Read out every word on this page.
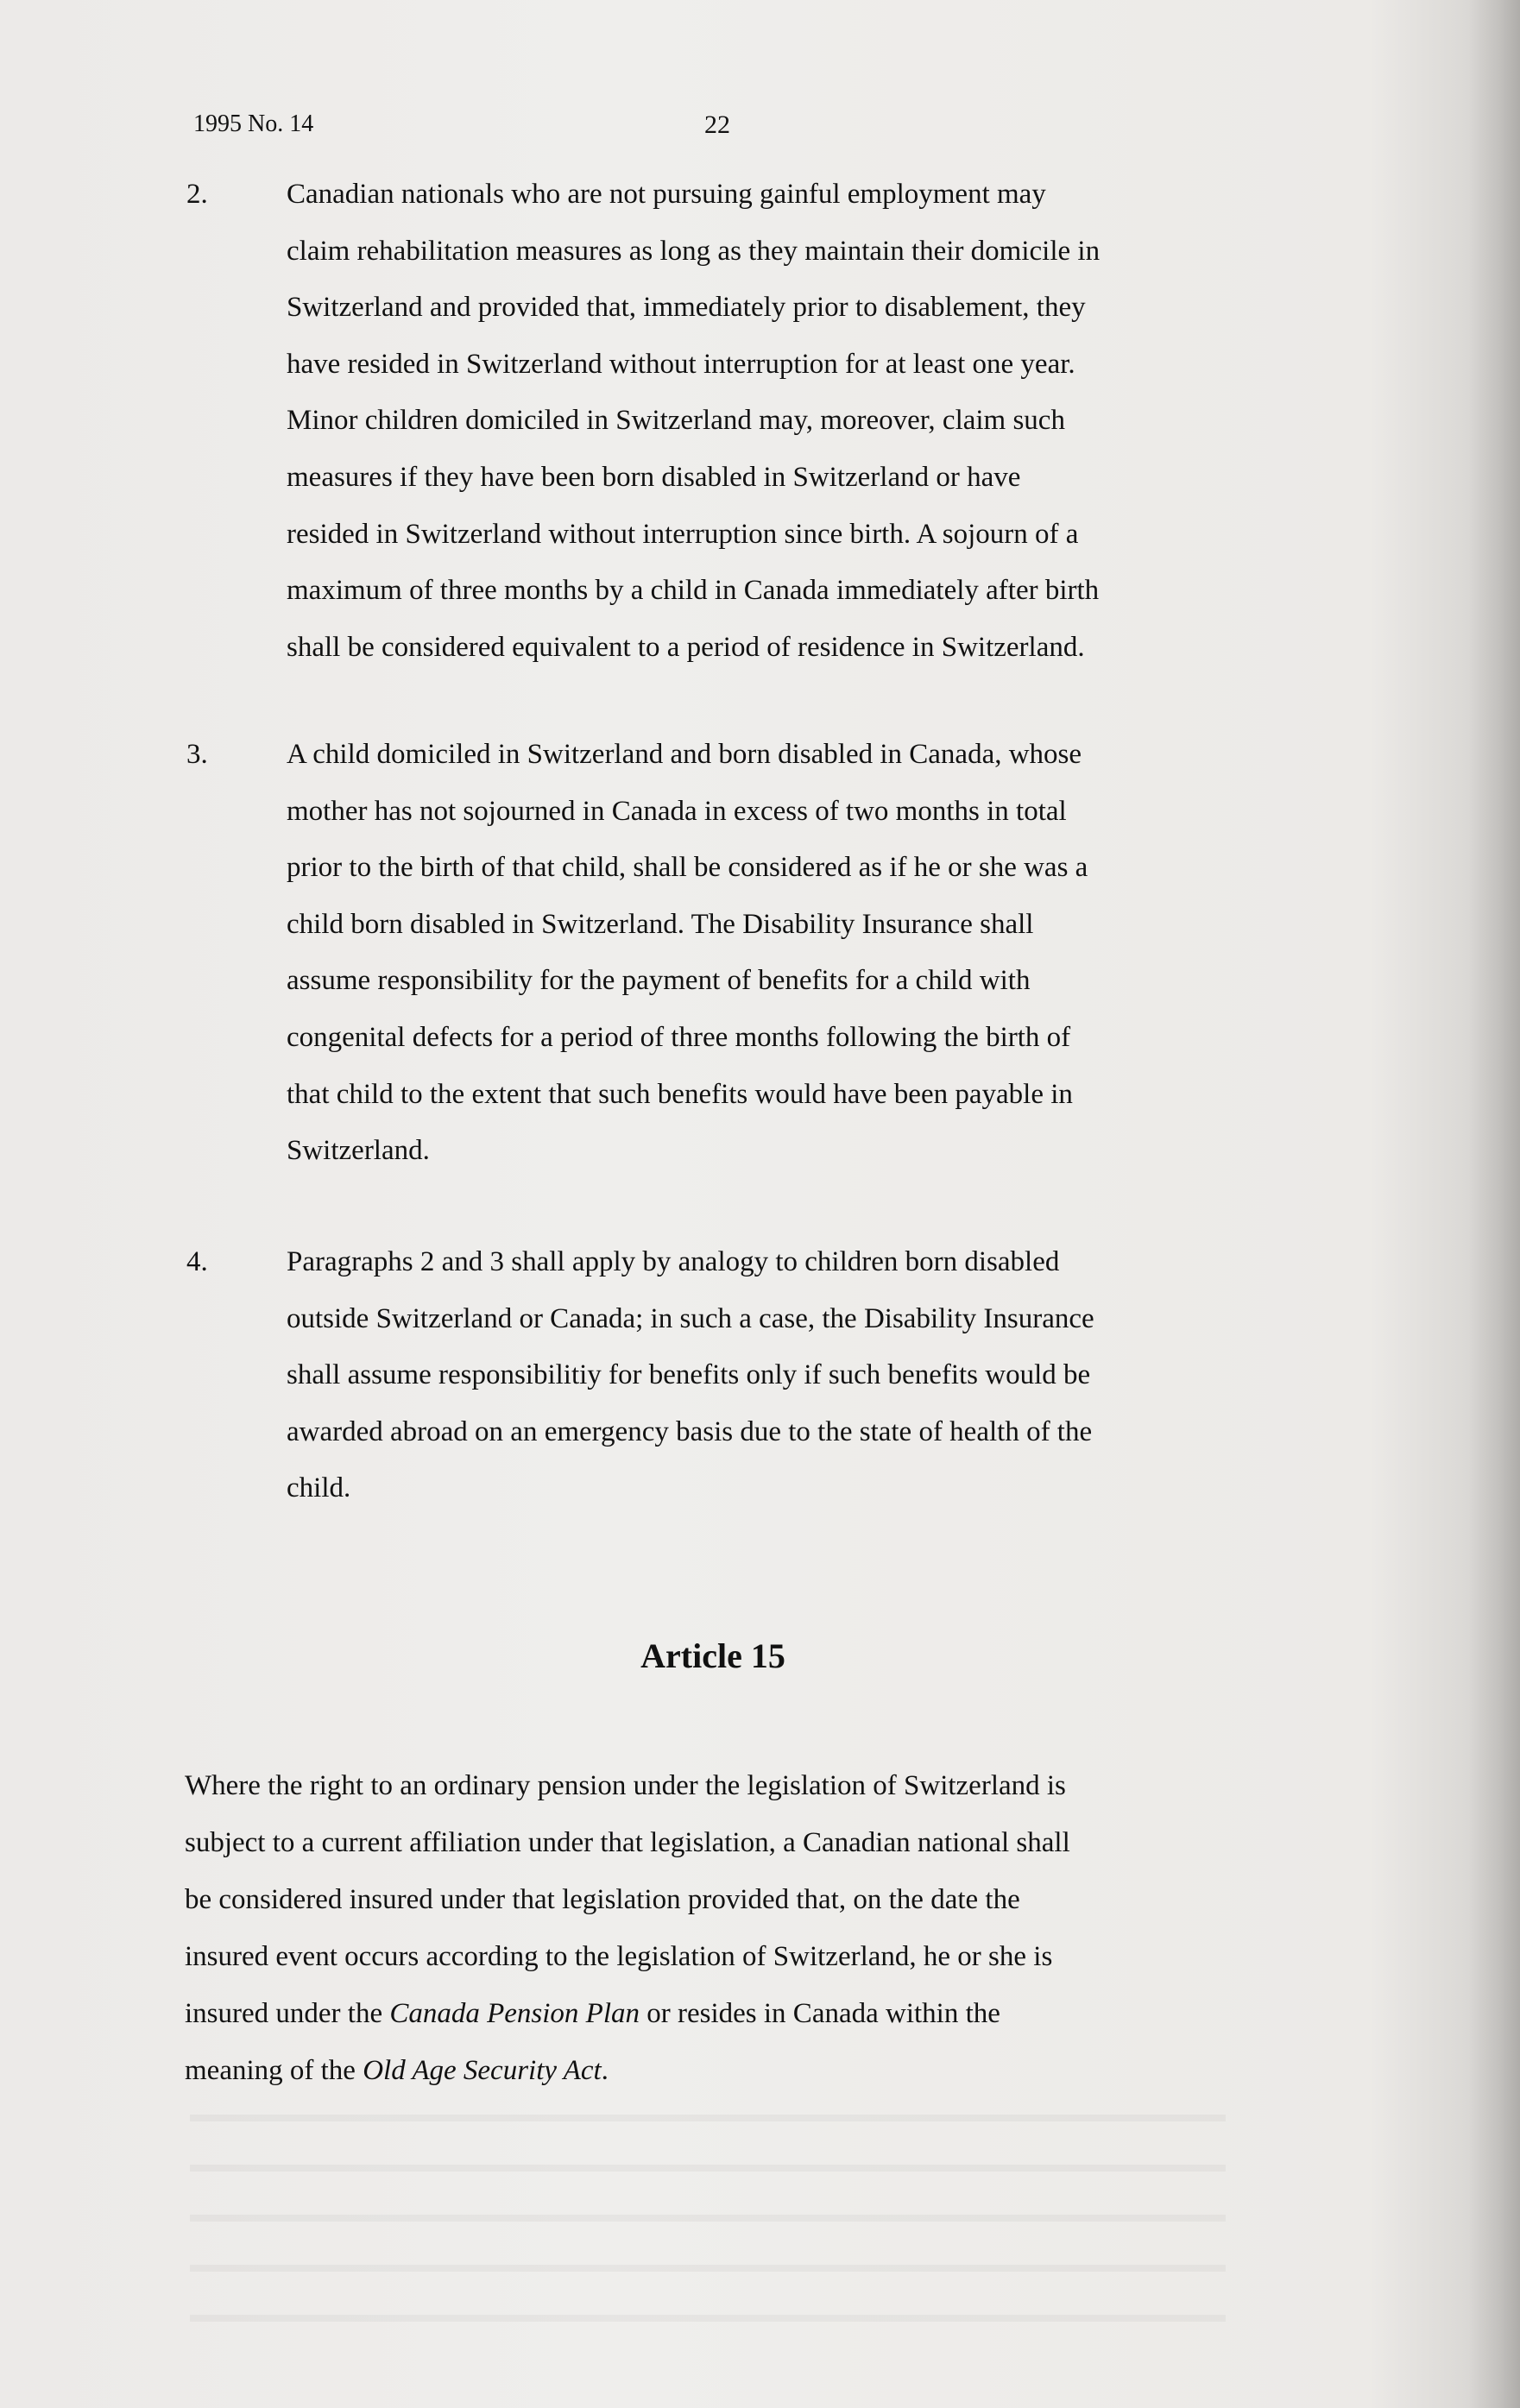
1995 No. 14	22
2.	Canadian nationals who are not pursuing gainful employment may
claim rehabilitation measures as long as they maintain their domicile in
Switzerland and provided that, immediately prior to disablement, they
have resided in Switzerland without interruption for at least one year.
Minor children domiciled in Switzerland may, moreover, claim such
measures if they have been born disabled in Switzerland or have
resided in Switzerland without interruption since birth. A sojourn of a
maximum of three months by a child in Canada immediately after birth
shall be considered equivalent to a period of residence in Switzerland.
3.	A child domiciled in Switzerland and born disabled in Canada, whose
mother has not sojourned in Canada in excess of two months in total
prior to the birth of that child, shall be considered as if he or she was a
child born disabled in Switzerland. The Disability Insurance shall
assume responsibility for the payment of benefits for a child with
congenital defects for a period of three months following the birth of
that child to the extent that such benefits would have been payable in
Switzerland.
4.	Paragraphs 2 and 3 shall apply by analogy to children born disabled
outside Switzerland or Canada; in such a case, the Disability Insurance
shall assume responsibilitiy for benefits only if such benefits would be
awarded abroad on an emergency basis due to the state of health of the
child.
Article 15
Where the right to an ordinary pension under the legislation of Switzerland is
subject to a current affiliation under that legislation, a Canadian national shall
be considered insured under that legislation provided that, on the date the
insured event occurs according to the legislation of Switzerland, he or she is
insured under the Canada Pension Plan or resides in Canada within the
meaning of the Old Age Security Act.
